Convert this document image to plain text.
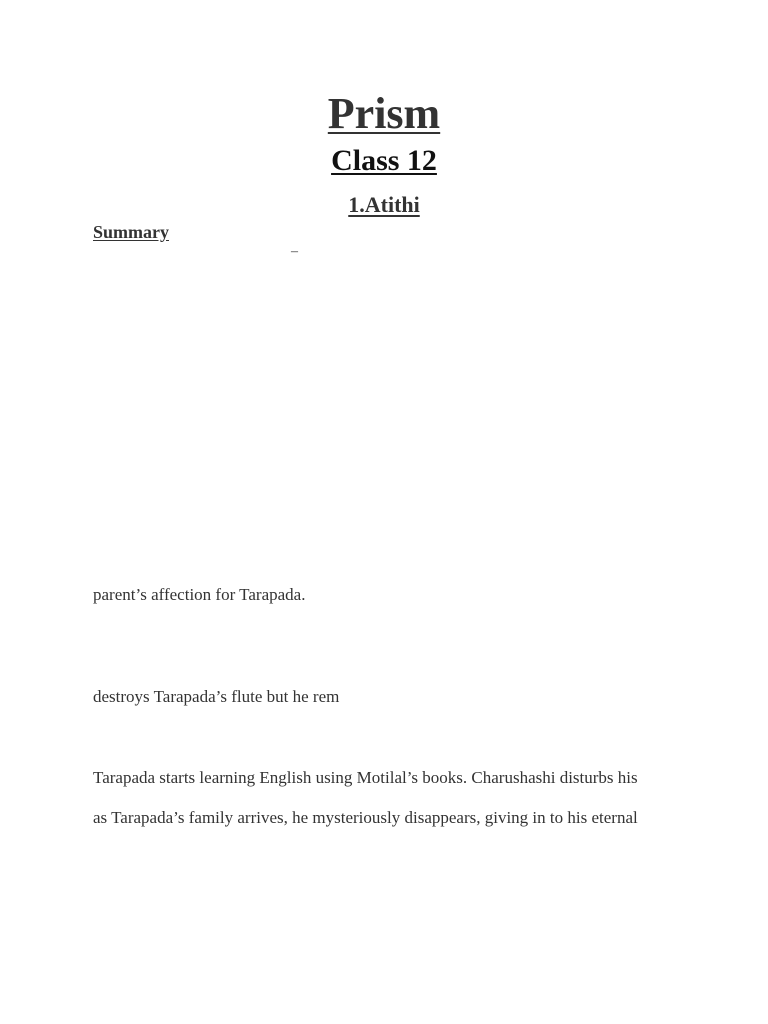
Prism
Class 12
1.Atithi
Summary
–
parent’s affection for Tarapada.
destroys Tarapada’s flute but he rem
Tarapada starts learning English using Motilal’s books. Charushashi disturbs his
as Tarapada’s family arrives, he mysteriously disappears, giving in to his eternal
